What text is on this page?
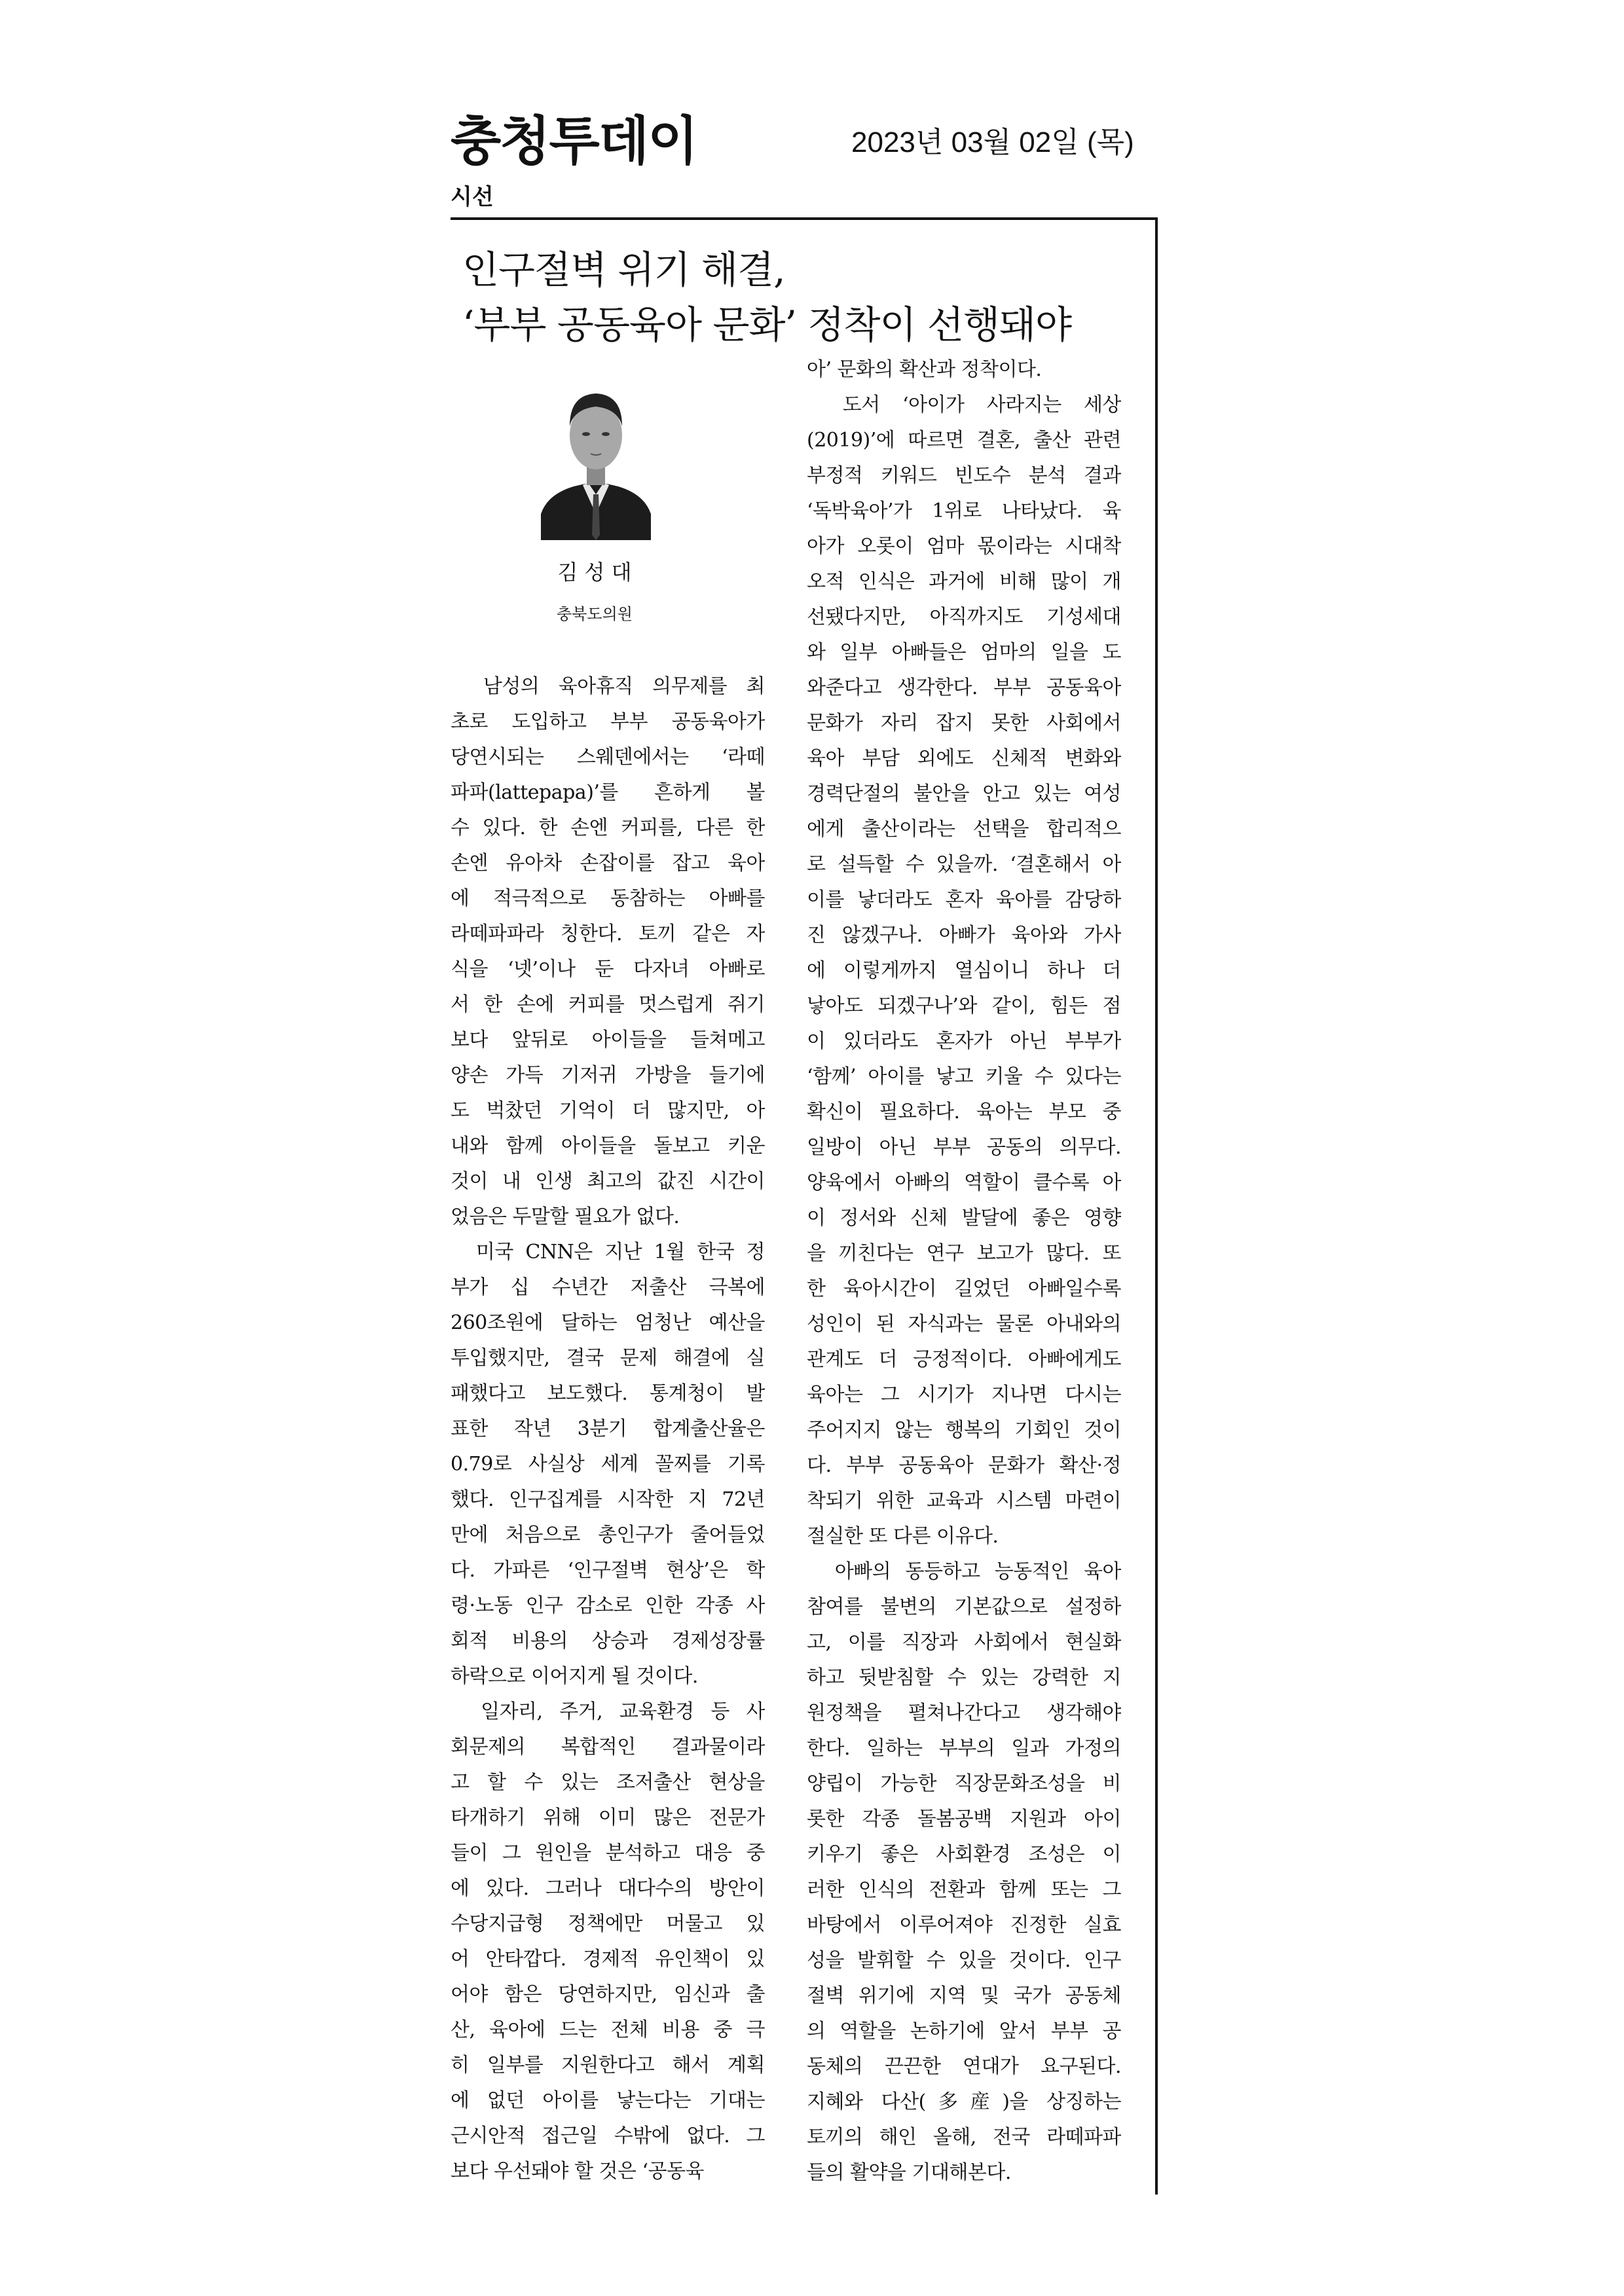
충청투데이	2023년 03월 02일 (목)
시선
인구절벽 위기 해결,
‘부부 공동육아 문화’ 정착이 선행돼야
김 성 대
충북도의원
　남성의 육아휴직 의무제를 최
초로 도입하고 부부 공동육아가
당연시되는 스웨덴에서는 ‘라떼
파파(lattepapa)’를 흔하게 볼
수 있다. 한 손엔 커피를, 다른 한
손엔 유아차 손잡이를 잡고 육아
에 적극적으로 동참하는 아빠를
라떼파파라 칭한다. 토끼 같은 자
식을 ‘넷’이나 둔 다자녀 아빠로
서 한 손에 커피를 멋스럽게 쥐기
보다 앞뒤로 아이들을 들쳐메고
양손 가득 기저귀 가방을 들기에
도 벅찼던 기억이 더 많지만, 아
내와 함께 아이들을 돌보고 키운
것이 내 인생 최고의 값진 시간이
었음은 두말할 필요가 없다.
　미국 CNN은 지난 1월 한국 정
부가 십 수년간 저출산 극복에
260조원에 달하는 엄청난 예산을
투입했지만, 결국 문제 해결에 실
패했다고 보도했다. 통계청이 발
표한 작년 3분기 합계출산율은
0.79로 사실상 세계 꼴찌를 기록
했다. 인구집계를 시작한 지 72년
만에 처음으로 총인구가 줄어들었
다. 가파른 ‘인구절벽 현상’은 학
령·노동 인구 감소로 인한 각종 사
회적 비용의 상승과 경제성장률
하락으로 이어지게 될 것이다.
　일자리, 주거, 교육환경 등 사
회문제의 복합적인 결과물이라
고 할 수 있는 조저출산 현상을
타개하기 위해 이미 많은 전문가
들이 그 원인을 분석하고 대응 중
에 있다. 그러나 대다수의 방안이
수당지급형 정책에만 머물고 있
어 안타깝다. 경제적 유인책이 있
어야 함은 당연하지만, 임신과 출
산, 육아에 드는 전체 비용 중 극
히 일부를 지원한다고 해서 계획
에 없던 아이를 낳는다는 기대는
근시안적 접근일 수밖에 없다. 그
보다 우선돼야 할 것은 ‘공동육
아’ 문화의 확산과 정착이다.
　도서 ‘아이가 사라지는 세상
(2019)’에 따르면 결혼, 출산 관련
부정적 키워드 빈도수 분석 결과
‘독박육아’가 1위로 나타났다. 육
아가 오롯이 엄마 몫이라는 시대착
오적 인식은 과거에 비해 많이 개
선됐다지만, 아직까지도 기성세대
와 일부 아빠들은 엄마의 일을 도
와준다고 생각한다. 부부 공동육아
문화가 자리 잡지 못한 사회에서
육아 부담 외에도 신체적 변화와
경력단절의 불안을 안고 있는 여성
에게 출산이라는 선택을 합리적으
로 설득할 수 있을까. ‘결혼해서 아
이를 낳더라도 혼자 육아를 감당하
진 않겠구나. 아빠가 육아와 가사
에 이렇게까지 열심이니 하나 더
낳아도 되겠구나’와 같이, 힘든 점
이 있더라도 혼자가 아닌 부부가
‘함께’ 아이를 낳고 키울 수 있다는
확신이 필요하다. 육아는 부모 중
일방이 아닌 부부 공동의 의무다.
양육에서 아빠의 역할이 클수록 아
이 정서와 신체 발달에 좋은 영향
을 끼친다는 연구 보고가 많다. 또
한 육아시간이 길었던 아빠일수록
성인이 된 자식과는 물론 아내와의
관계도 더 긍정적이다. 아빠에게도
육아는 그 시기가 지나면 다시는
주어지지 않는 행복의 기회인 것이
다. 부부 공동육아 문화가 확산·정
착되기 위한 교육과 시스템 마련이
절실한 또 다른 이유다.
　아빠의 동등하고 능동적인 육아
참여를 불변의 기본값으로 설정하
고, 이를 직장과 사회에서 현실화
하고 뒷받침할 수 있는 강력한 지
원정책을 펼쳐나간다고 생각해야
한다. 일하는 부부의 일과 가정의
양립이 가능한 직장문화조성을 비
롯한 각종 돌봄공백 지원과 아이
키우기 좋은 사회환경 조성은 이
러한 인식의 전환과 함께 또는 그
바탕에서 이루어져야 진정한 실효
성을 발휘할 수 있을 것이다. 인구
절벽 위기에 지역 및 국가 공동체
의 역할을 논하기에 앞서 부부 공
동체의 끈끈한 연대가 요구된다.
지혜와 다산(多産)을 상징하는
토끼의 해인 올해, 전국 라떼파파
들의 활약을 기대해본다.
